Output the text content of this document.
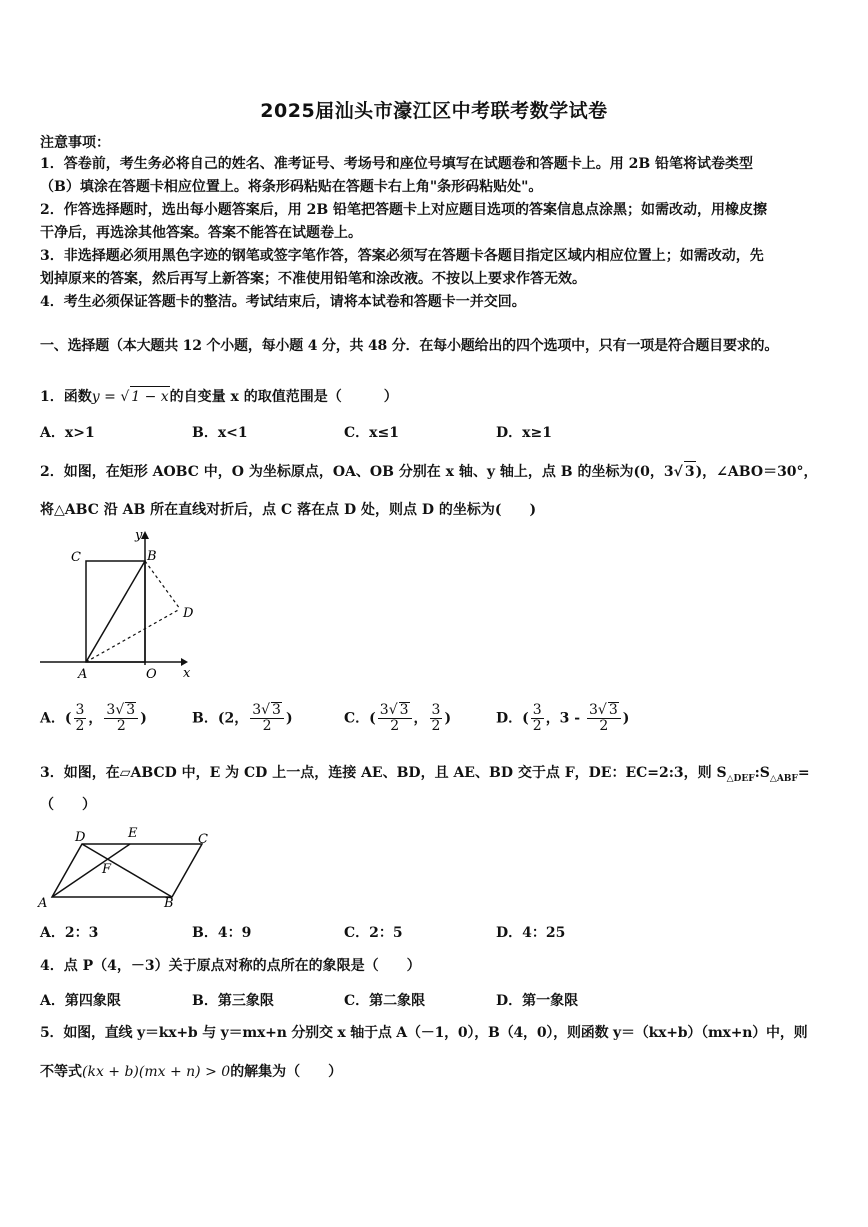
2025届汕头市濠江区中考联考数学试卷
注意事项：
1．答卷前，考生务必将自己的姓名、准考证号、考场号和座位号填写在试题卷和答题卡上。用 2B 铅笔将试卷类型
（B）填涂在答题卡相应位置上。将条形码粘贴在答题卡右上角"条形码粘贴处"。
2．作答选择题时，选出每小题答案后，用 2B 铅笔把答题卡上对应题目选项的答案信息点涂黑；如需改动，用橡皮擦
干净后，再选涂其他答案。答案不能答在试题卷上。
3．非选择题必须用黑色字迹的钢笔或签字笔作答，答案必须写在答题卡各题目指定区域内相应位置上；如需改动，先
划掉原来的答案，然后再写上新答案；不准使用铅笔和涂改液。不按以上要求作答无效。
4．考生必须保证答题卡的整洁。考试结束后，请将本试卷和答题卡一并交回。
一、选择题（本大题共 12 个小题，每小题 4 分，共 48 分．在每小题给出的四个选项中，只有一项是符合题目要求的。
1．函数y = √ 1 − x的自变量 x 的取值范围是（　　　）
A．x>1	B．x<1	C．x≤1	D．x≥1
2．如图，在矩形 AOBC 中，O 为坐标原点，OA、OB 分别在 x 轴、y 轴上，点 B 的坐标为(0，3√ 3)，∠ABO＝30°，
将△ABC 沿 AB 所在直线对折后，点 C 落在点 D 处，则点 D 的坐标为(　　)
C	B
y
D
A	O x
A．( $\frac{3}{2}$ ， $\frac{3√ 3}{2}$ )	B．(2， $\frac{3√ 3}{2}$ )	C．( $\frac{3√ 3}{2}$ ， $\frac{3}{2}$ )	D．( $\frac{3}{2}$ ，$3 - \frac{3√ 3}{2}$ )
3．如图，在▱ABCD 中，E 为 CD 上一点，连接 AE、BD，且 AE、BD 交于点 F，DE：EC=2:3，则 $S_{\triangle DEF}:S_{\triangle ABF}=$
（　　）
D	E	C
F
A	B
A．2：3	B．4：9	C．2：5	D．4：25
4．点 P（4，－3）关于原点对称的点所在的象限是（　　）
A．第四象限	B．第三象限	C．第二象限	D．第一象限
5．如图，直线 y＝kx+b 与 y＝mx+n 分别交 x 轴于点 A（－1，0），B（4，0），则函数 y＝（kx+b）（mx+n）中，则
不等式(kx + b)(mx + n) > 0的解集为（　　）
